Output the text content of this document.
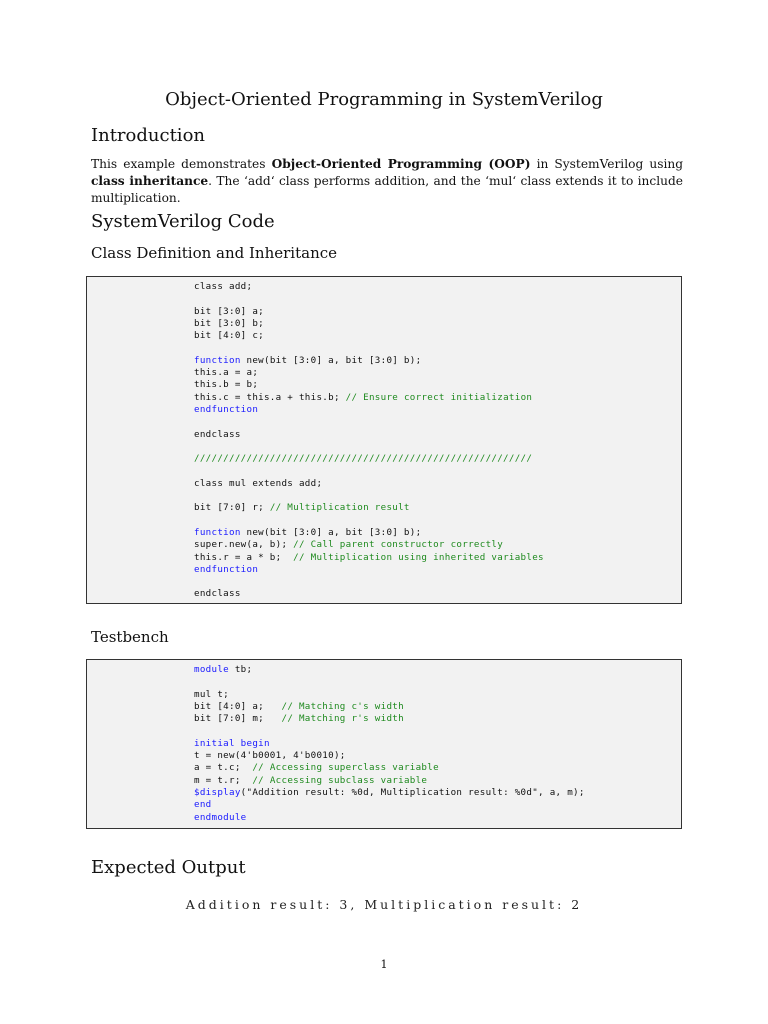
Object-Oriented Programming in SystemVerilog
Introduction
This example demonstrates Object-Oriented Programming (OOP) in SystemVerilog using class inheritance. The ‘add‘ class performs addition, and the ‘mul‘ class extends it to include multiplication.
SystemVerilog Code
Class Definition and Inheritance
class add;
bit [3:0] a;
bit [3:0] b;
bit [4:0] c;
function new(bit [3:0] a, bit [3:0] b);
this.a = a;
this.b = b;
this.c = this.a + this.b; // Ensure correct initialization
endfunction
endclass
//////////////////////////////////////////////////////////
class mul extends add;
bit [7:0] r; // Multiplication result
function new(bit [3:0] a, bit [3:0] b);
super.new(a, b); // Call parent constructor correctly
this.r = a * b;  // Multiplication using inherited variables
endfunction
endclass
Testbench
module tb;
mul t;
bit [4:0] a;   // Matching c's width
bit [7:0] m;   // Matching r's width
initial begin
t = new(4'b0001, 4'b0010);
a = t.c;  // Accessing superclass variable
m = t.r;  // Accessing subclass variable
$display("Addition result: %0d, Multiplication result: %0d", a, m);
end
endmodule
Expected Output
Addition result: 3, Multiplication result: 2
1
